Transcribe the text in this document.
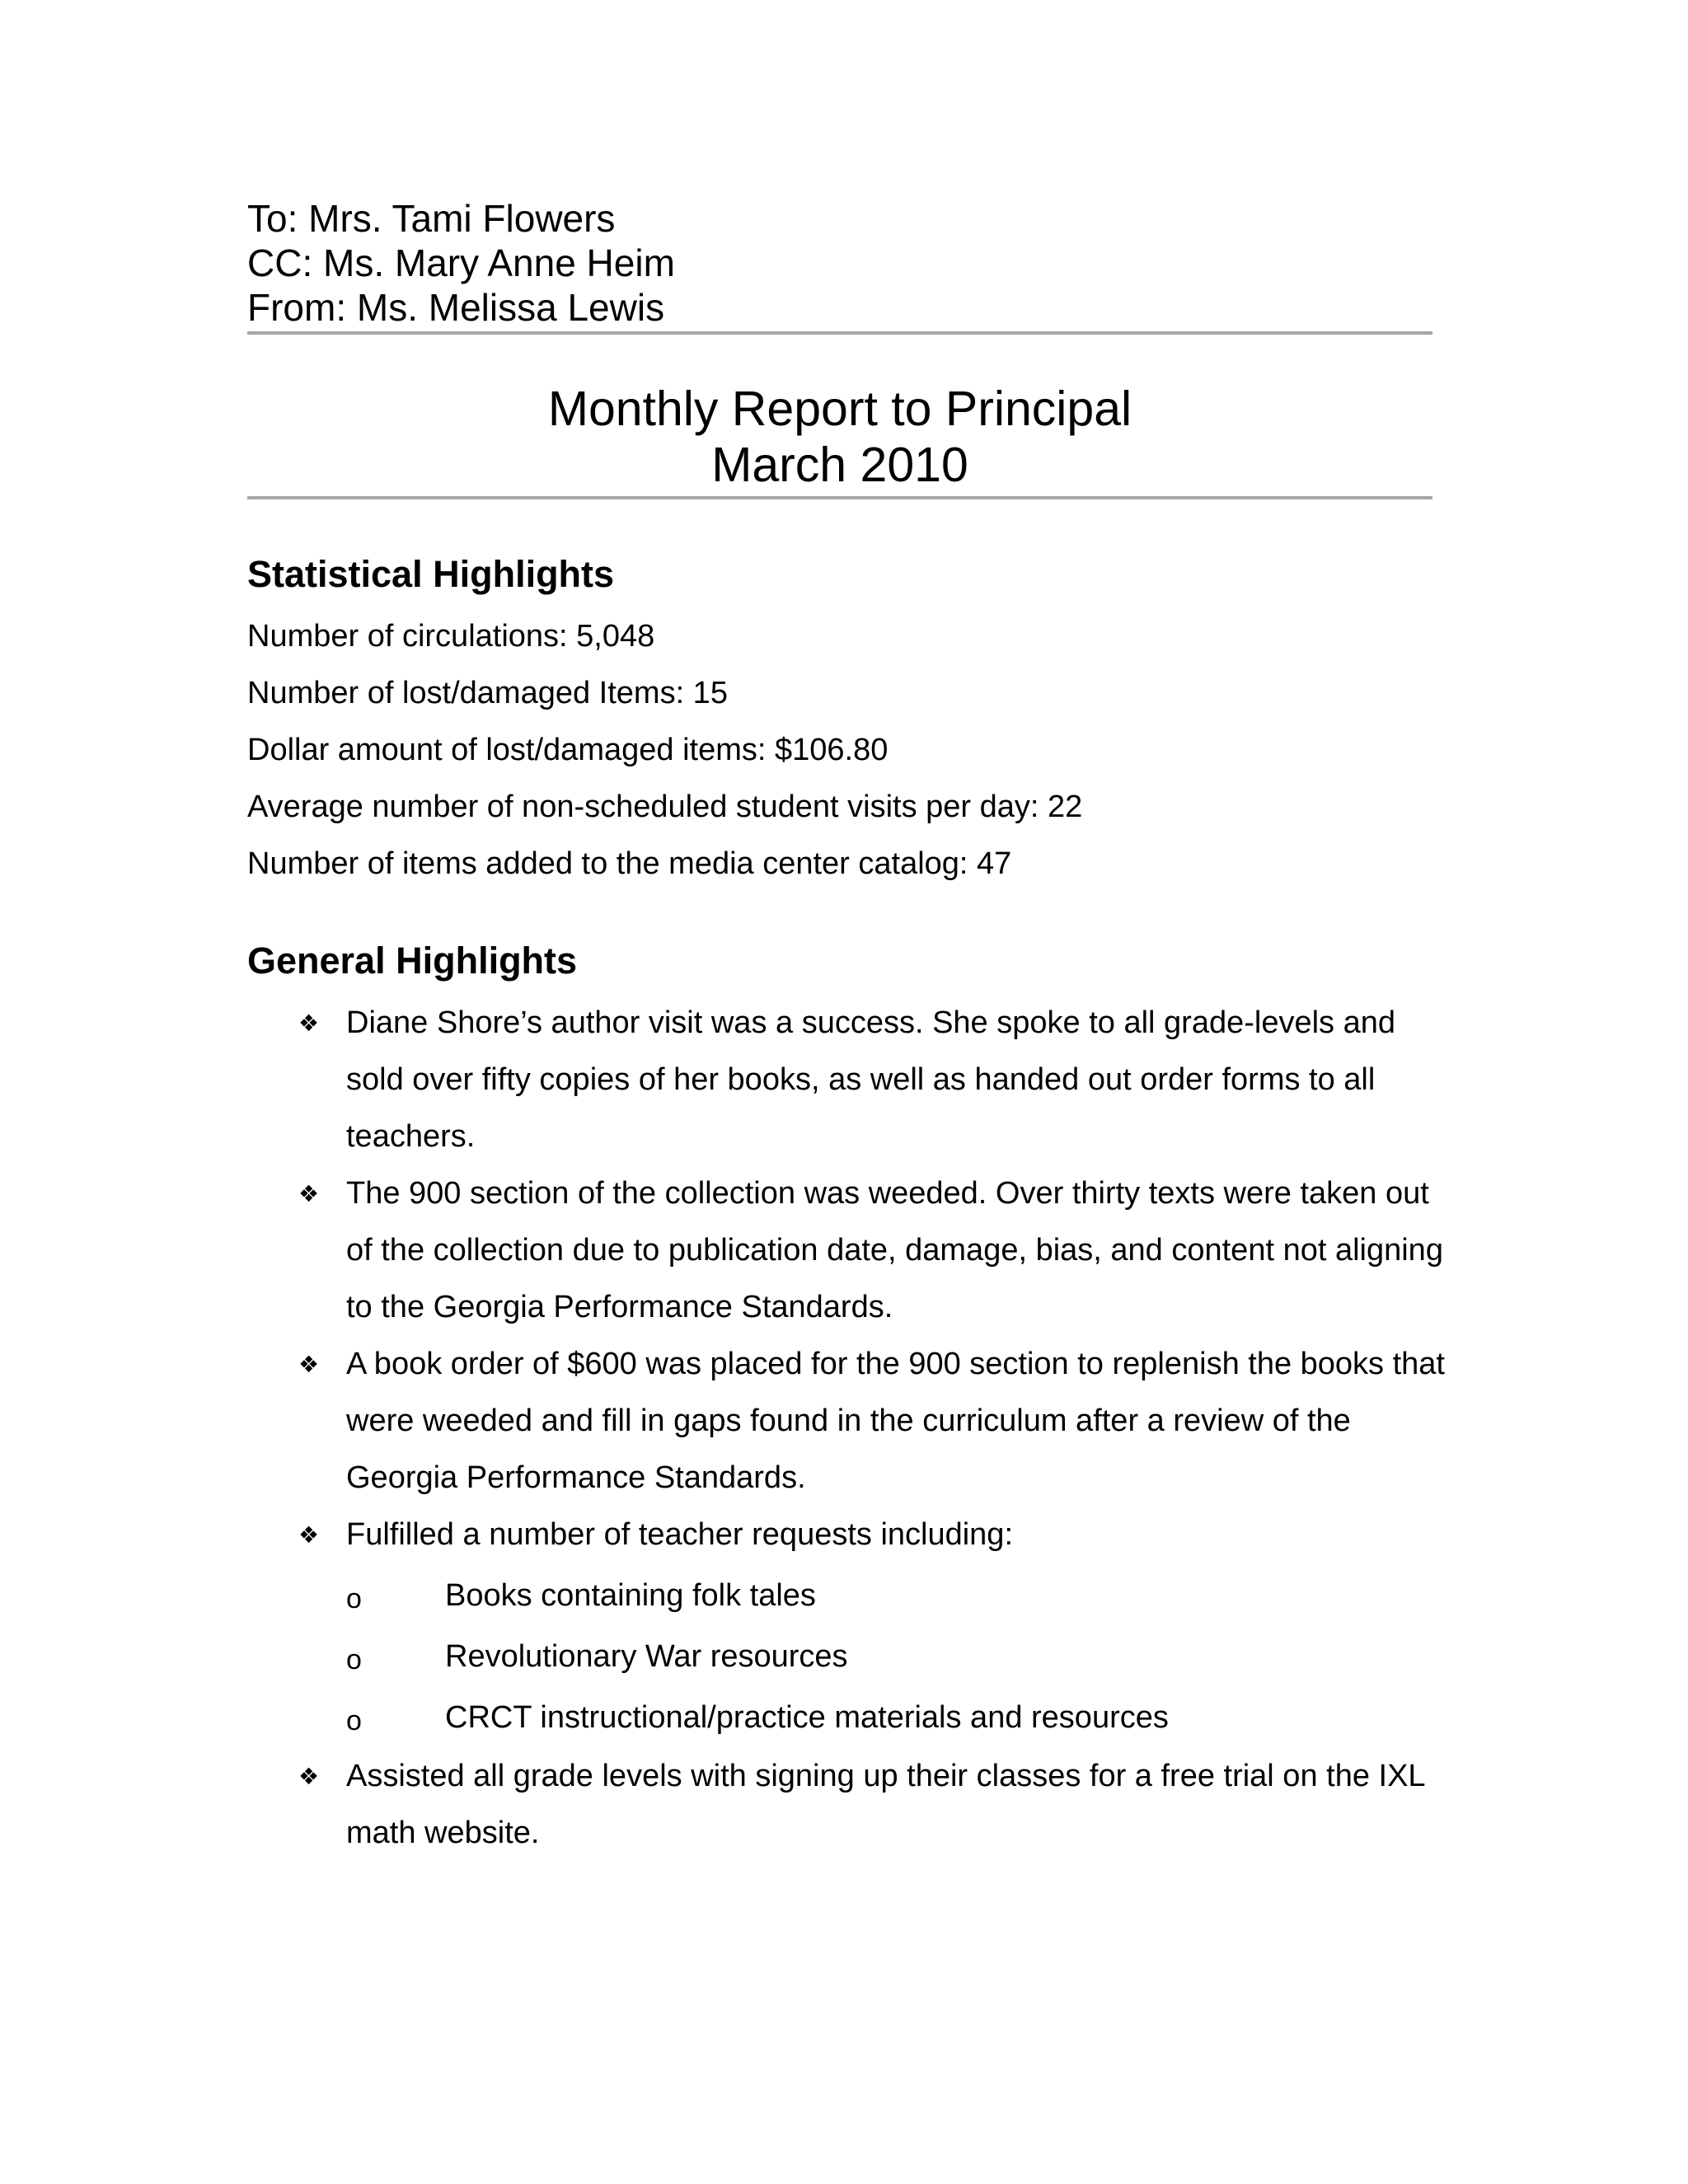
To: Mrs. Tami Flowers
CC: Ms. Mary Anne Heim
From: Ms. Melissa Lewis
Monthly Report to Principal
March 2010
Statistical Highlights
Number of circulations: 5,048
Number of lost/damaged Items: 15
Dollar amount of lost/damaged items: $106.80
Average number of non-scheduled student visits per day: 22
Number of items added to the media center catalog: 47
General Highlights
❖ Diane Shore’s author visit was a success. She spoke to all grade-levels and sold over fifty copies of her books, as well as handed out order forms to all teachers.
❖ The 900 section of the collection was weeded. Over thirty texts were taken out of the collection due to publication date, damage, bias, and content not aligning to the Georgia Performance Standards.
❖ A book order of $600 was placed for the 900 section to replenish the books that were weeded and fill in gaps found in the curriculum after a review of the Georgia Performance Standards.
❖ Fulfilled a number of teacher requests including:
o	Books containing folk tales
o	Revolutionary War resources
o	CRCT instructional/practice materials and resources
❖ Assisted all grade levels with signing up their classes for a free trial on the IXL math website.
